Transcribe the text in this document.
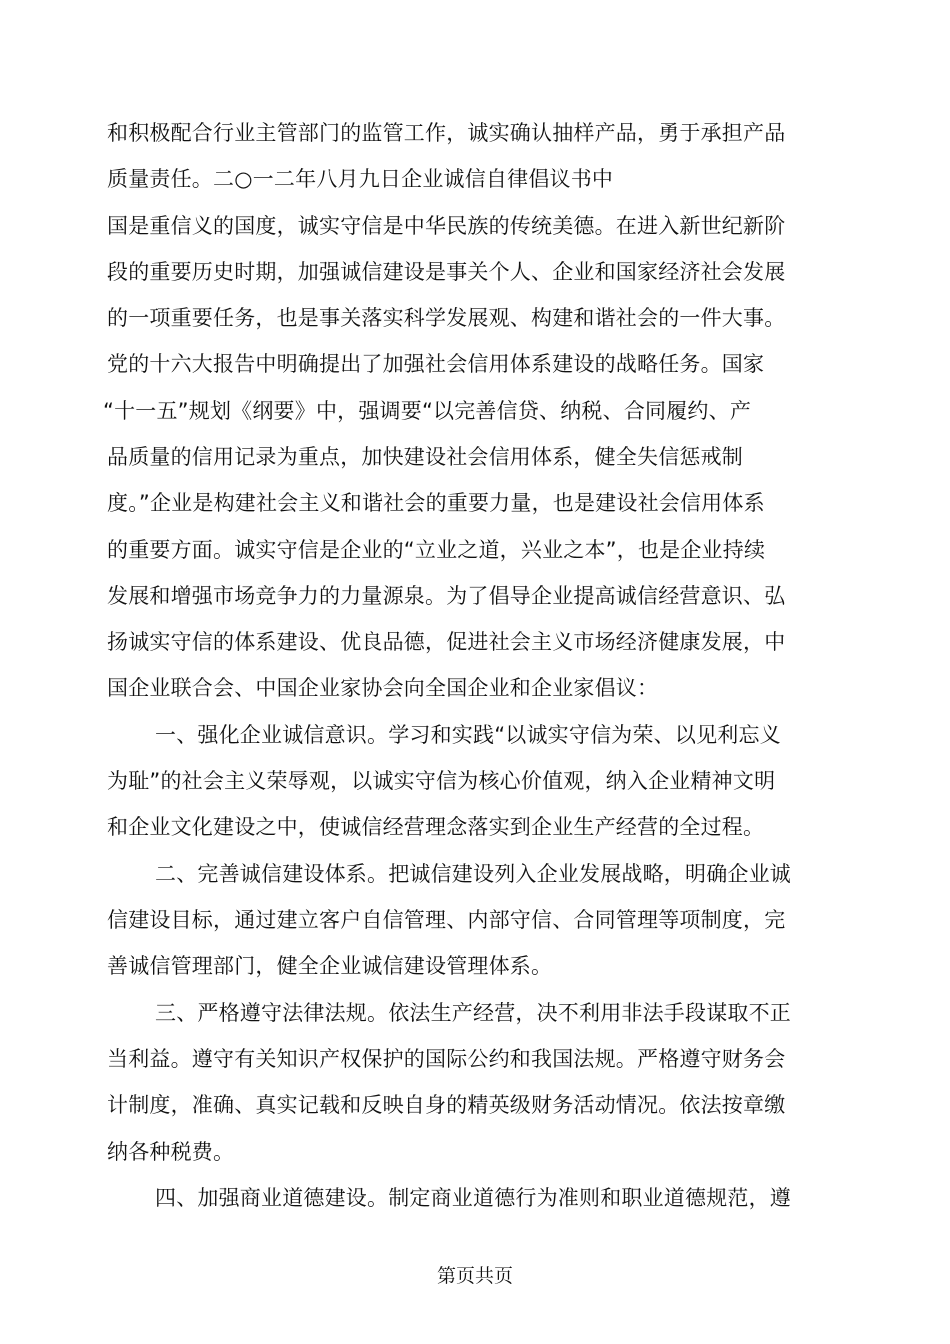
和积极配合行业主管部门的监管工作，诚实确认抽样产品，勇于承担产品
质量责任。二○一二年八月九日企业诚信自律倡议书中
国是重信义的国度，诚实守信是中华民族的传统美德。在进入新世纪新阶
段的重要历史时期，加强诚信建设是事关个人、企业和国家经济社会发展
的一项重要任务，也是事关落实科学发展观、构建和谐社会的一件大事。
党的十六大报告中明确提出了加强社会信用体系建设的战略任务。国家
“十一五”规划《纲要》中，强调要“以完善信贷、纳税、合同履约、产
品质量的信用记录为重点，加快建设社会信用体系，健全失信惩戒制
度。”企业是构建社会主义和谐社会的重要力量，也是建设社会信用体系
的重要方面。诚实守信是企业的“立业之道，兴业之本”，也是企业持续
发展和增强市场竞争力的力量源泉。为了倡导企业提高诚信经营意识、弘
扬诚实守信的体系建设、优良品德，促进社会主义市场经济健康发展，中
国企业联合会、中国企业家协会向全国企业和企业家倡议：
一、强化企业诚信意识。学习和实践“以诚实守信为荣、以见利忘义
为耻”的社会主义荣辱观，以诚实守信为核心价值观，纳入企业精神文明
和企业文化建设之中，使诚信经营理念落实到企业生产经营的全过程。
二、完善诚信建设体系。把诚信建设列入企业发展战略，明确企业诚
信建设目标，通过建立客户自信管理、内部守信、合同管理等项制度，完
善诚信管理部门，健全企业诚信建设管理体系。
三、严格遵守法律法规。依法生产经营，决不利用非法手段谋取不正
当利益。遵守有关知识产权保护的国际公约和我国法规。严格遵守财务会
计制度，准确、真实记载和反映自身的精英级财务活动情况。依法按章缴
纳各种税费。
四、加强商业道德建设。制定商业道德行为准则和职业道德规范，遵
第页共页
